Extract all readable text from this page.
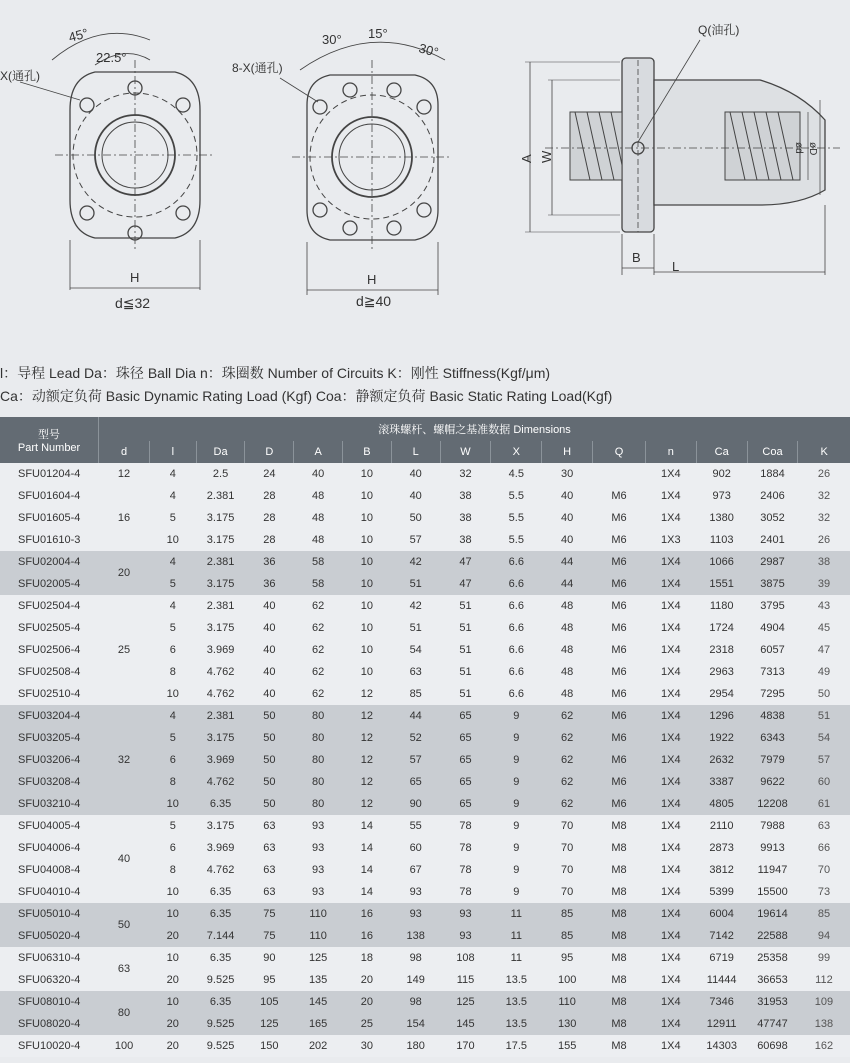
45°
22.5°
X(通孔)
H
d≦32
30° 15°
30°
8-X(通孔)
H
d≧40
Q(油孔)
A W
B
L
ød øD
l：导程 Lead Da：珠径 Ball Dia n：珠圈数 Number of Circuits K：刚性 Stiffness(Kgf/μm)
Ca：动额定负荷 Basic Dynamic Rating Load (Kgf) Coa：静额定负荷 Basic Static Rating Load(Kgf)
型号
Part Number	滚珠螺杆、螺帽之基准数据 Dimensions														
	d	l	Da	D	A	B	L	W	X	H	Q	n	Ca	Coa	K
SFU01204-4	12	4	2.5	24	40	10	40	32	4.5	30		1X4	902	1884	26
SFU01604-4	16	4	2.381	28	48	10	40	38	5.5	40	M6	1X4	973	2406	32
SFU01605-4		5	3.175	28	48	10	50	38	5.5	40	M6	1X4	1380	3052	32
SFU01610-3		10	3.175	28	48	10	57	38	5.5	40	M6	1X3	1103	2401	26
SFU02004-4	20	4	2.381	36	58	10	42	47	6.6	44	M6	1X4	1066	2987	38
SFU02005-4		5	3.175	36	58	10	51	47	6.6	44	M6	1X4	1551	3875	39
SFU02504-4	25	4	2.381	40	62	10	42	51	6.6	48	M6	1X4	1180	3795	43
SFU02505-4		5	3.175	40	62	10	51	51	6.6	48	M6	1X4	1724	4904	45
SFU02506-4		6	3.969	40	62	10	54	51	6.6	48	M6	1X4	2318	6057	47
SFU02508-4		8	4.762	40	62	10	63	51	6.6	48	M6	1X4	2963	7313	49
SFU02510-4		10	4.762	40	62	12	85	51	6.6	48	M6	1X4	2954	7295	50
SFU03204-4	32	4	2.381	50	80	12	44	65	9	62	M6	1X4	1296	4838	51
SFU03205-4		5	3.175	50	80	12	52	65	9	62	M6	1X4	1922	6343	54
SFU03206-4		6	3.969	50	80	12	57	65	9	62	M6	1X4	2632	7979	57
SFU03208-4		8	4.762	50	80	12	65	65	9	62	M6	1X4	3387	9622	60
SFU03210-4		10	6.35	50	80	12	90	65	9	62	M6	1X4	4805	12208	61
SFU04005-4	40	5	3.175	63	93	14	55	78	9	70	M8	1X4	2110	7988	63
SFU04006-4		6	3.969	63	93	14	60	78	9	70	M8	1X4	2873	9913	66
SFU04008-4		8	4.762	63	93	14	67	78	9	70	M8	1X4	3812	11947	70
SFU04010-4		10	6.35	63	93	14	93	78	9	70	M8	1X4	5399	15500	73
SFU05010-4	50	10	6.35	75	110	16	93	93	11	85	M8	1X4	6004	19614	85
SFU05020-4		20	7.144	75	110	16	138	93	11	85	M8	1X4	7142	22588	94
SFU06310-4	63	10	6.35	90	125	18	98	108	11	95	M8	1X4	6719	25358	99
SFU06320-4		20	9.525	95	135	20	149	115	13.5	100	M8	1X4	11444	36653	112
SFU08010-4	80	10	6.35	105	145	20	98	125	13.5	110	M8	1X4	7346	31953	109
SFU08020-4		20	9.525	125	165	25	154	145	13.5	130	M8	1X4	12911	47747	138
SFU10020-4	100	20	9.525	150	202	30	180	170	17.5	155	M8	1X4	14303	60698	162
